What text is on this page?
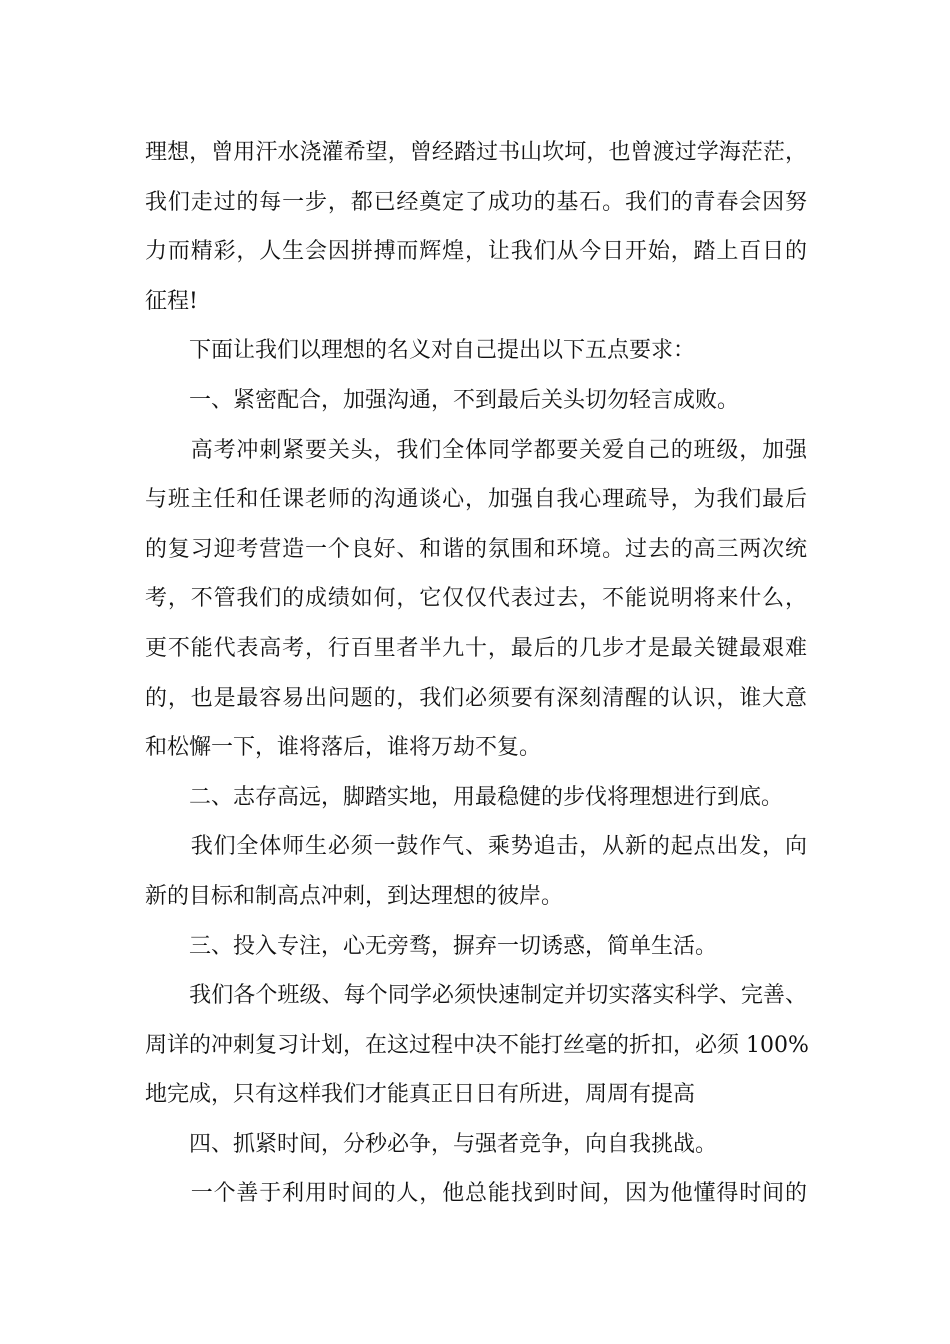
理想，曾用汗水浇灌希望，曾经踏过书山坎坷，也曾渡过学海茫茫，
我们走过的每一步，都已经奠定了成功的基石。我们的青春会因努
力而精彩，人生会因拼搏而辉煌，让我们从今日开始，踏上百日的
征程!
　　下面让我们以理想的名义对自己提出以下五点要求：
　　一、紧密配合，加强沟通，不到最后关头切勿轻言成败。
　　高考冲刺紧要关头，我们全体同学都要关爱自己的班级，加强
与班主任和任课老师的沟通谈心，加强自我心理疏导，为我们最后
的复习迎考营造一个良好、和谐的氛围和环境。过去的高三两次统
考，不管我们的成绩如何，它仅仅代表过去，不能说明将来什么，
更不能代表高考，行百里者半九十，最后的几步才是最关键最艰难
的，也是最容易出问题的，我们必须要有深刻清醒的认识，谁大意
和松懈一下，谁将落后，谁将万劫不复。
　　二、志存高远，脚踏实地，用最稳健的步伐将理想进行到底。
　　我们全体师生必须一鼓作气、乘势追击，从新的起点出发，向
新的目标和制高点冲刺，到达理想的彼岸。
　　三、投入专注，心无旁骛，摒弃一切诱惑，简单生活。
　　我们各个班级、每个同学必须快速制定并切实落实科学、完善、
周详的冲刺复习计划，在这过程中决不能打丝毫的折扣，必须 100%
地完成，只有这样我们才能真正日日有所进，周周有提高
　　四、抓紧时间，分秒必争，与强者竞争，向自我挑战。
　　一个善于利用时间的人，他总能找到时间，因为他懂得时间的
